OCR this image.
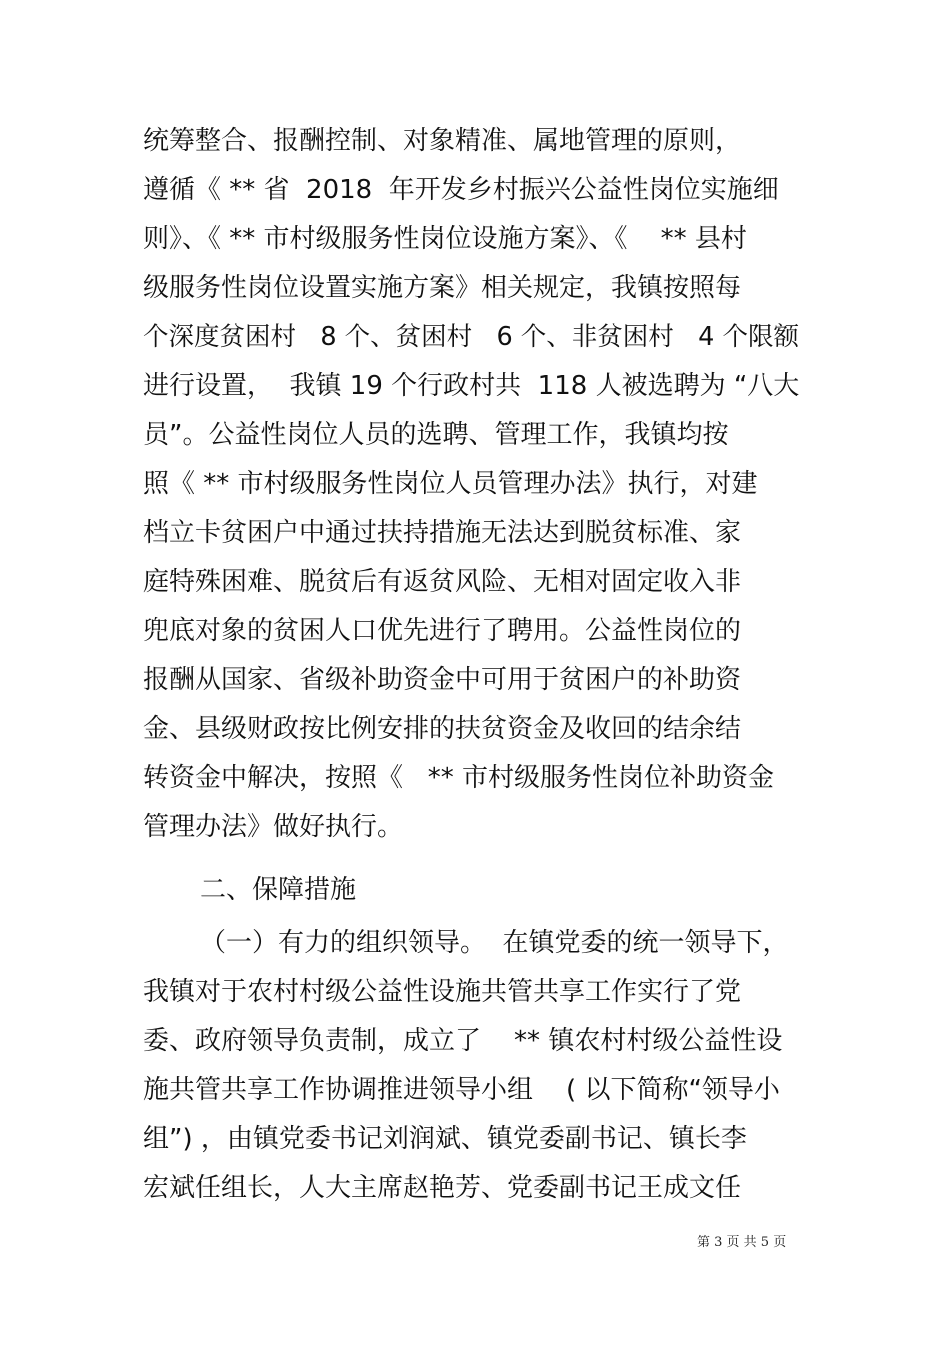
统筹整合、报酬控制、对象精准、属地管理的原则，
遵循《 ** 省  2018  年开发乡村振兴公益性岗位实施细
则》、《 ** 市村级服务性岗位设施方案》、《    ** 县村
级服务性岗位设置实施方案》相关规定，我镇按照每
个深度贫困村   8 个、贫困村   6 个、非贫困村   4 个限额
进行设置，  我镇 19 个行政村共  118 人被选聘为 “八大
员”。公益性岗位人员的选聘、管理工作，我镇均按
照《 ** 市村级服务性岗位人员管理办法》执行，对建
档立卡贫困户中通过扶持措施无法达到脱贫标准、家
庭特殊困难、脱贫后有返贫风险、无相对固定收入非
兜底对象的贫困人口优先进行了聘用。公益性岗位的
报酬从国家、省级补助资金中可用于贫困户的补助资
金、县级财政按比例安排的扶贫资金及收回的结余结
转资金中解决，按照《   ** 市村级服务性岗位补助资金
管理办法》做好执行。
二、保障措施
（一）有力的组织领导。  在镇党委的统一领导下，
我镇对于农村村级公益性设施共管共享工作实行了党
委、政府领导负责制，成立了    ** 镇农村村级公益性设
施共管共享工作协调推进领导小组    ( 以下简称“领导小
组”) ，由镇党委书记刘润斌、镇党委副书记、镇长李
宏斌任组长，人大主席赵艳芳、党委副书记王成文任
第 3 页 共 5 页
